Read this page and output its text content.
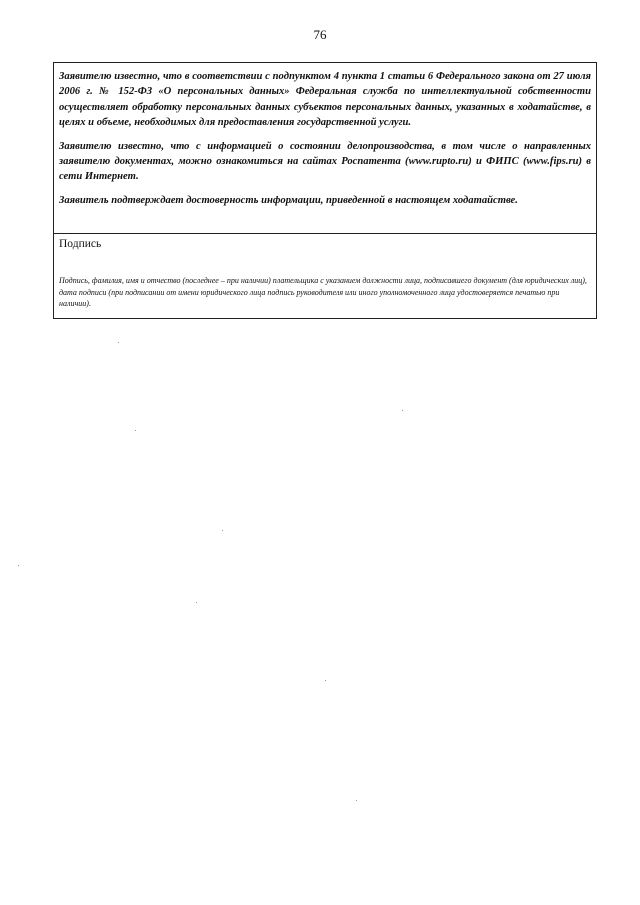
76

Заявителю известно, что в соответствии с подпунктом 4 пункта 1 статьи 6 Федерального закона от 27 июля 2006 г. № 152-ФЗ «О персональных данных» Федеральная служба по интеллектуальной собственности осуществляет обработку персональных данных субъектов персональных данных, указанных в ходатайстве, в целях и объеме, необходимых для предоставления государственной услуги.

Заявителю известно, что с информацией о состоянии делопроизводства, в том числе о направленных заявителю документах, можно ознакомиться на сайтах Роспатента (www.rupto.ru) и ФИПС (www.fips.ru) в сети Интернет.

Заявитель подтверждает достоверность информации, приведенной в настоящем ходатайстве.

Подпись

Подпись, фамилия, имя и отчество (последнее – при наличии) плательщика с указанием должности лица, подписавшего документ (для юридических лиц), дата подписи (при подписании от имени юридического лица подпись руководителя или иного уполномоченного лица удостоверяется печатью при наличии).
